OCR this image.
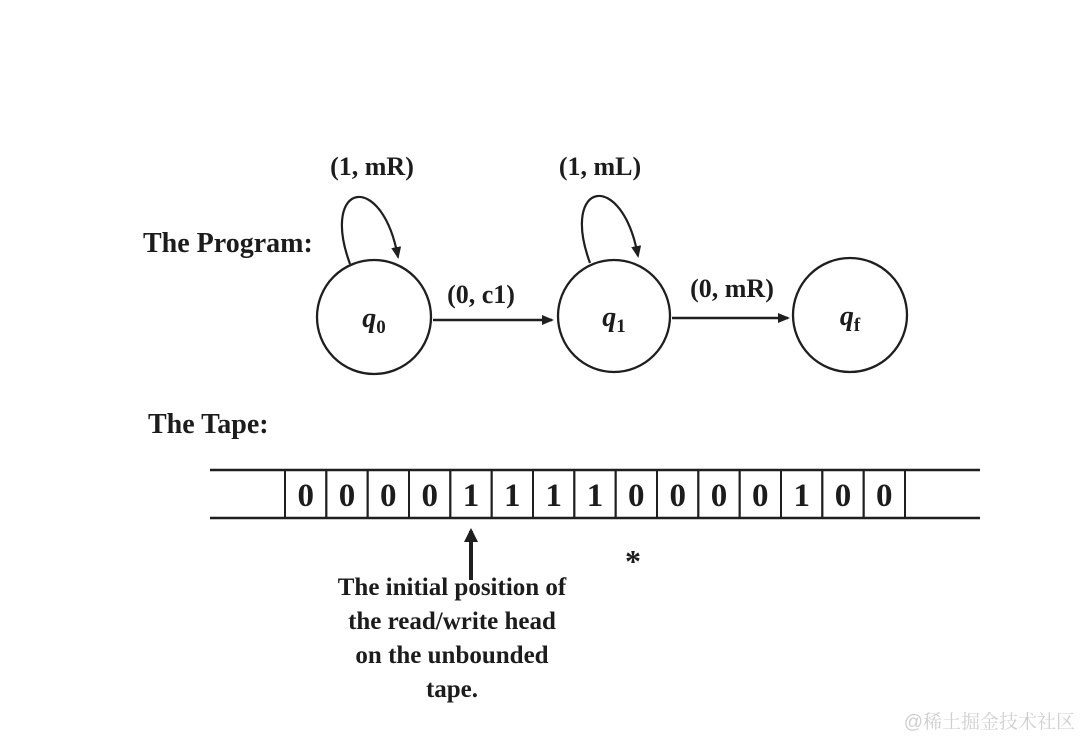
The Program:
(1, mR)	(1, mL)
$q_0$	$q_1$	$q_f$
(0, c1)	(0, mR)
The Tape:
0 0 0 0 1 1 1 1 0 0 0 0 1 0 0
*
The initial position of
the read/write head
on the unbounded
tape.
@稀土掘金技术社区
